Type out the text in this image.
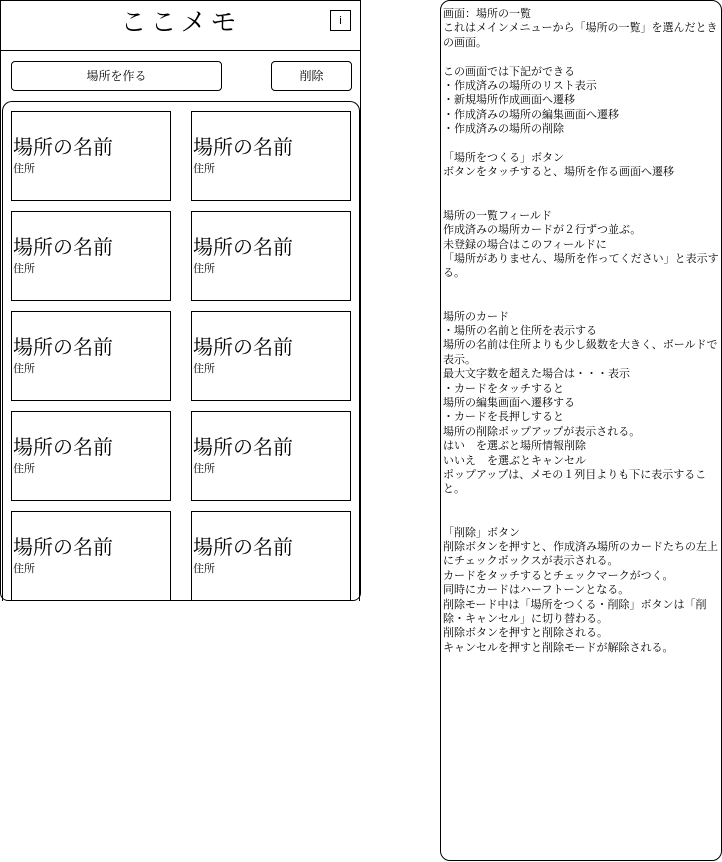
ここメモ	i
場所を作る	削除
場所の名前
住所
場所の名前
住所
場所の名前
住所
場所の名前
住所
場所の名前
住所
場所の名前
住所
場所の名前
住所
場所の名前
住所
場所の名前
住所
場所の名前
住所

画面：場所の一覧
これはメインメニューから「場所の一覧」を選んだときの画面。

この画面では下記ができる
・作成済みの場所のリスト表示
・新規場所作成画面へ遷移
・作成済みの場所の編集画面へ遷移
・作成済みの場所の削除

「場所をつくる」ボタン
ボタンをタッチすると、場所を作る画面へ遷移

場所の一覧フィールド
作成済みの場所カードが２行ずつ並ぶ。
未登録の場合はこのフィールドに
「場所がありません、場所を作ってください」と表示する。

場所のカード
・場所の名前と住所を表示する
場所の名前は住所よりも少し級数を大きく、ボールドで表示。
最大文字数を超えた場合は・・・表示
・カードをタッチすると
場所の編集画面へ遷移する
・カードを長押しすると
場所の削除ポップアップが表示される。
はい　を選ぶと場所情報削除
いいえ　を選ぶとキャンセル
ポップアップは、メモの１列目よりも下に表示すること。

「削除」ボタン
削除ボタンを押すと、作成済み場所のカードたちの左上にチェックボックスが表示される。
カードをタッチするとチェックマークがつく。
同時にカードはハーフトーンとなる。
削除モード中は「場所をつくる・削除」ボタンは「削除・キャンセル」に切り替わる。
削除ボタンを押すと削除される。
キャンセルを押すと削除モードが解除される。
